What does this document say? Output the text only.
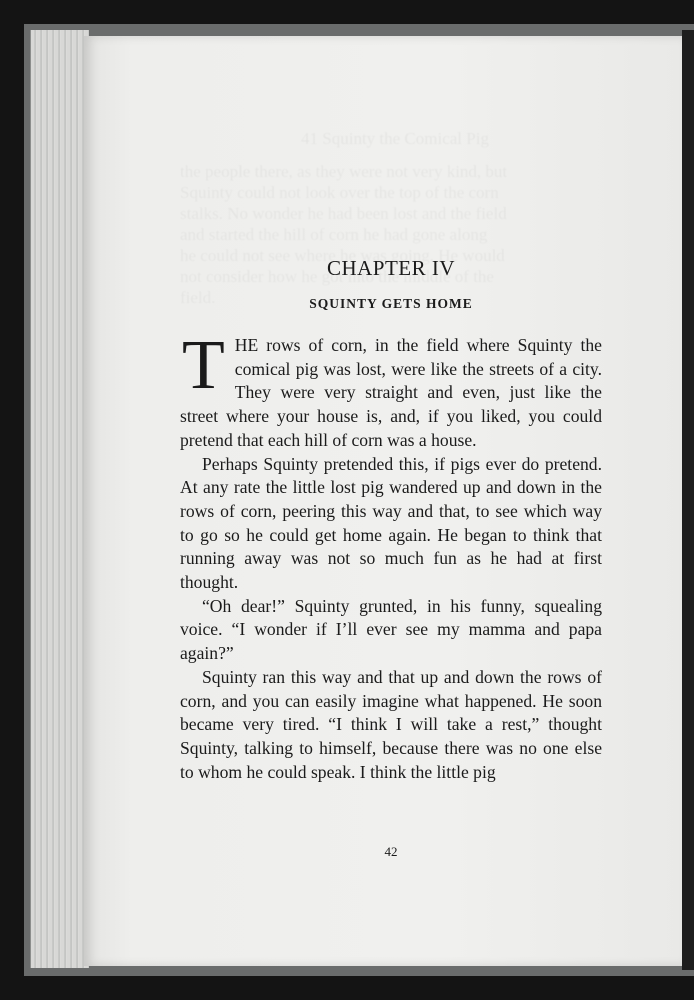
CHAPTER IV
SQUINTY GETS HOME

THE rows of corn, in the field where Squinty the comical pig was lost, were like the streets of a city. They were very straight and even, just like the street where your house is, and, if you liked, you could pretend that each hill of corn was a house.

Perhaps Squinty pretended this, if pigs ever do pretend. At any rate the little lost pig wandered up and down in the rows of corn, peering this way and that, to see which way to go so he could get home again. He began to think that running away was not so much fun as he had at first thought.

“Oh dear!” Squinty grunted, in his funny, squealing voice. “I wonder if I’ll ever see my mamma and papa again?”

Squinty ran this way and that up and down the rows of corn, and you can easily imagine what happened. He soon became very tired. “I think I will take a rest,” thought Squinty, talking to himself, because there was no one else to whom he could speak. I think the little pig

42
